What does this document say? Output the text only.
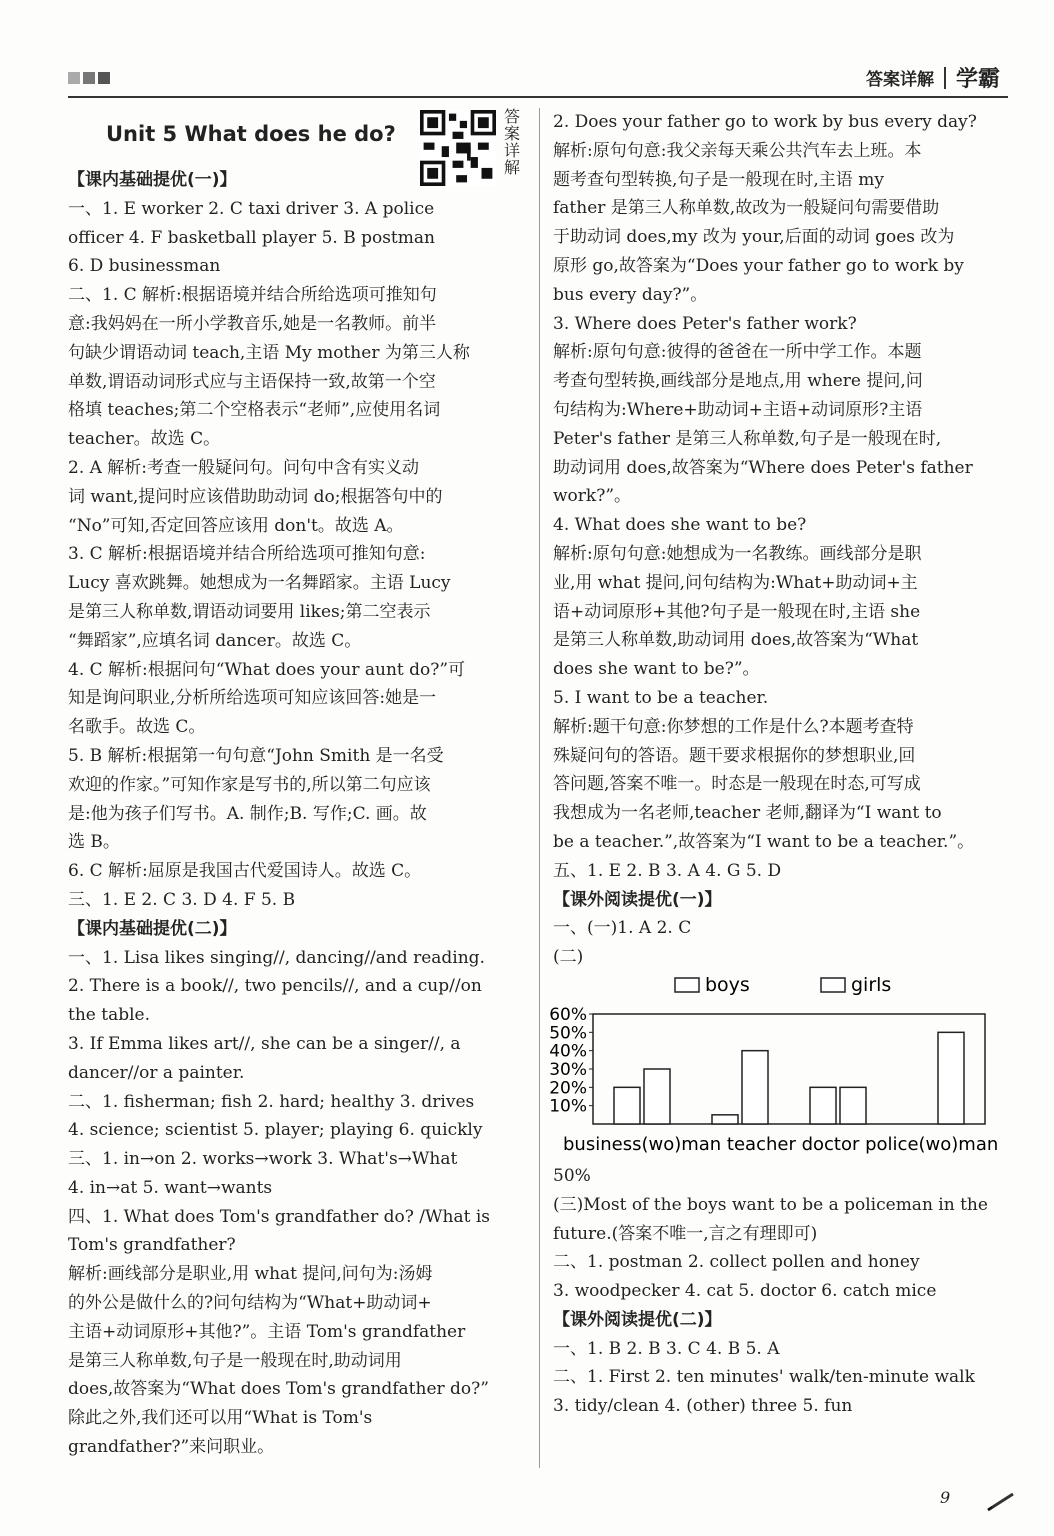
答案详解 学霸
Unit 5 What does he do?
答案详解
【课内基础提优(一)】
一、1. E worker 2. C taxi driver 3. A police
officer 4. F basketball player 5. B postman
6. D businessman
二、1. C 解析:根据语境并结合所给选项可推知句
意:我妈妈在一所小学教音乐,她是一名教师。前半
句缺少谓语动词 teach,主语 My mother 为第三人称
单数,谓语动词形式应与主语保持一致,故第一个空
格填 teaches;第二个空格表示“老师”,应使用名词
teacher。故选 C。
2. A 解析:考查一般疑问句。问句中含有实义动
词 want,提问时应该借助助动词 do;根据答句中的
“No”可知,否定回答应该用 don't。故选 A。
3. C 解析:根据语境并结合所给选项可推知句意:
Lucy 喜欢跳舞。她想成为一名舞蹈家。主语 Lucy
是第三人称单数,谓语动词要用 likes;第二空表示
“舞蹈家”,应填名词 dancer。故选 C。
4. C 解析:根据问句“What does your aunt do?”可
知是询问职业,分析所给选项可知应该回答:她是一
名歌手。故选 C。
5. B 解析:根据第一句句意“John Smith 是一名受
欢迎的作家。”可知作家是写书的,所以第二句应该
是:他为孩子们写书。A. 制作;B. 写作;C. 画。故
选 B。
6. C 解析:屈原是我国古代爱国诗人。故选 C。
三、1. E 2. C 3. D 4. F 5. B
【课内基础提优(二)】
一、1. Lisa likes singing//, dancing//and reading.
2. There is a book//, two pencils//, and a cup//on
the table.
3. If Emma likes art//, she can be a singer//, a
dancer//or a painter.
二、1. fisherman; fish 2. hard; healthy 3. drives
4. science; scientist 5. player; playing 6. quickly
三、1. in→on 2. works→work 3. What's→What
4. in→at 5. want→wants
四、1. What does Tom's grandfather do? /What is
Tom's grandfather?
解析:画线部分是职业,用 what 提问,问句为:汤姆
的外公是做什么的?问句结构为“What+助动词+
主语+动词原形+其他?”。主语 Tom's grandfather
是第三人称单数,句子是一般现在时,助动词用
does,故答案为“What does Tom's grandfather do?”
除此之外,我们还可以用“What is Tom's
grandfather?”来问职业。
2. Does your father go to work by bus every day?
解析:原句句意:我父亲每天乘公共汽车去上班。本
题考查句型转换,句子是一般现在时,主语 my
father 是第三人称单数,故改为一般疑问句需要借助
于助动词 does,my 改为 your,后面的动词 goes 改为
原形 go,故答案为“Does your father go to work by
bus every day?”。
3. Where does Peter's father work?
解析:原句句意:彼得的爸爸在一所中学工作。本题
考查句型转换,画线部分是地点,用 where 提问,问
句结构为:Where+助动词+主语+动词原形?主语
Peter's father 是第三人称单数,句子是一般现在时,
助动词用 does,故答案为“Where does Peter's father
work?”。
4. What does she want to be?
解析:原句句意:她想成为一名教练。画线部分是职
业,用 what 提问,问句结构为:What+助动词+主
语+动词原形+其他?句子是一般现在时,主语 she
是第三人称单数,助动词用 does,故答案为“What
does she want to be?”。
5. I want to be a teacher.
解析:题干句意:你梦想的工作是什么?本题考查特
殊疑问句的答语。题干要求根据你的梦想职业,回
答问题,答案不唯一。时态是一般现在时态,可写成
我想成为一名老师,teacher 老师,翻译为“I want to
be a teacher.”,故答案为“I want to be a teacher.”。
五、1. E 2. B 3. A 4. G 5. D
【课外阅读提优(一)】
一、(一)1. A 2. C
(二)
10%
20%
30%
40%
50%
60%
boys	girls
business(wo)man teacher doctor police(wo)man
50%
(三)Most of the boys want to be a policeman in the
future.(答案不唯一,言之有理即可)
二、1. postman 2. collect pollen and honey
3. woodpecker 4. cat 5. doctor 6. catch mice
【课外阅读提优(二)】
一、1. B 2. B 3. C 4. B 5. A
二、1. First 2. ten minutes' walk/ten-minute walk
3. tidy/clean 4. (other) three 5. fun
9
